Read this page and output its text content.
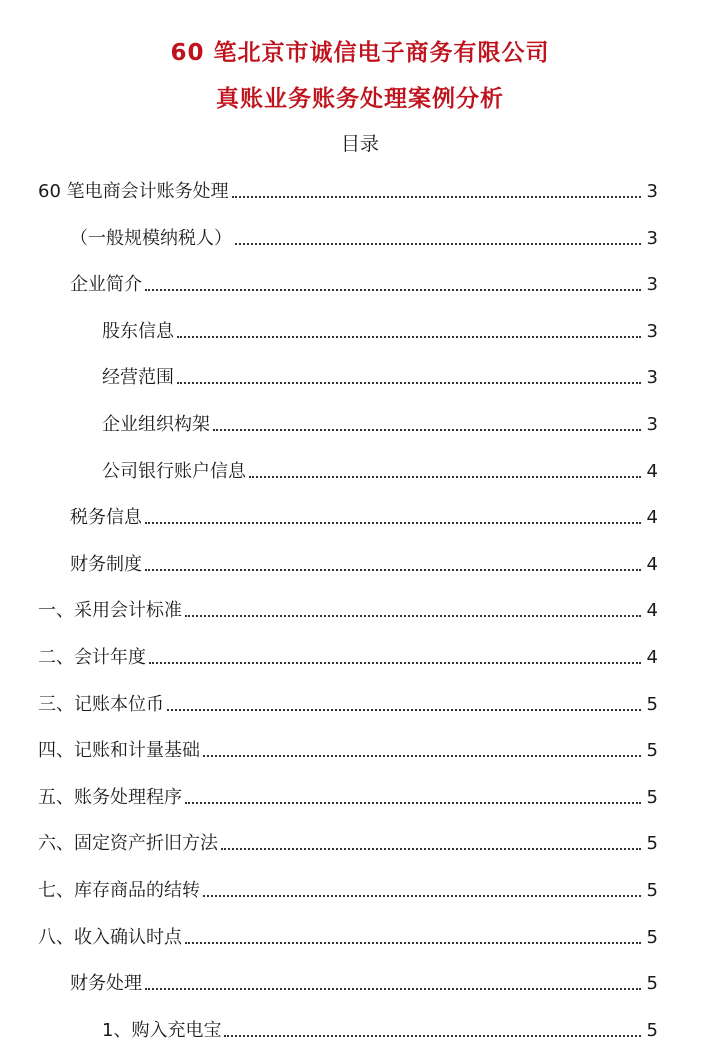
60 笔北京市诚信电子商务有限公司
真账业务账务处理案例分析
目录
60 笔电商会计账务处理	3
（一般规模纳税人）	3
企业简介	3
股东信息	3
经营范围	3
企业组织构架	3
公司银行账户信息	4
税务信息	4
财务制度	4
一、采用会计标准	4
二、会计年度	4
三、记账本位币	5
四、记账和计量基础	5
五、账务处理程序	5
六、固定资产折旧方法	5
七、库存商品的结转	5
八、收入确认时点	5
财务处理	5
1、购入充电宝	5
